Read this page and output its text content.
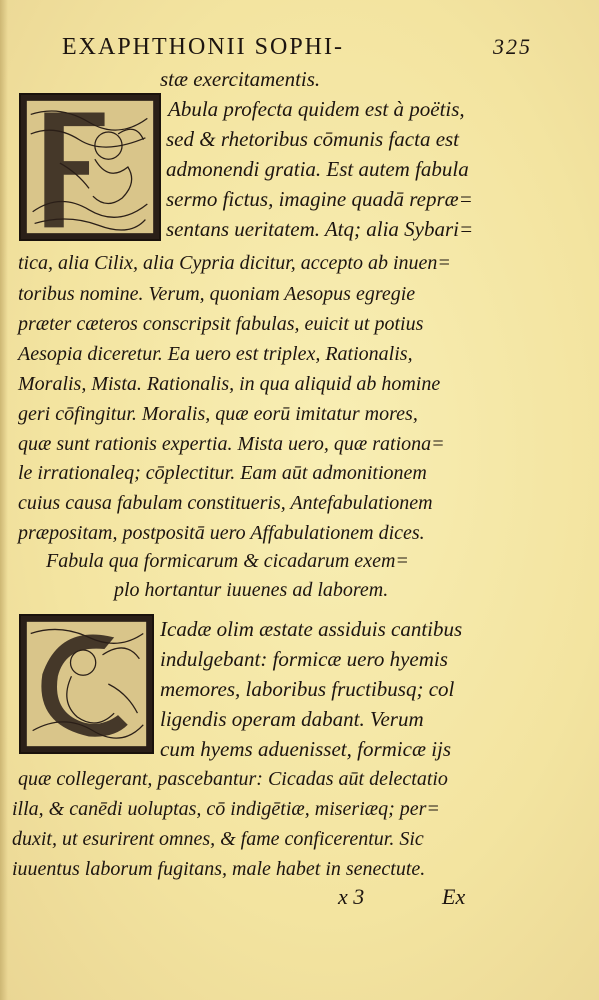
EXAPHTHONII SOPHI-	325
stæ exercitamentis.
Abula profecta quidem est à poëtis,
sed & rhetoribus cōmunis facta est
admonendi gratia. Est autem fabula
sermo fictus, imagine quadā repræ=
sentans ueritatem. Atq; alia Sybari=
tica, alia Cilix, alia Cypria dicitur, accepto ab inuen=
toribus nomine. Verum, quoniam Aesopus egregie
præter cæteros conscripsit fabulas, euicit ut potius
Aesopia diceretur. Ea uero est triplex, Rationalis,
Moralis, Mista. Rationalis, in qua aliquid ab homine
geri cōfingitur. Moralis, quæ eorū imitatur mores,
quæ sunt rationis expertia. Mista uero, quæ rationa=
le irrationaleq; cōplectitur. Eam aūt admonitionem
cuius causa fabulam constitueris, Antefabulationem
præpositam, postpositā uero Affabulationem dices.
Fabula qua formicarum & cicadarum exem=
plo hortantur iuuenes ad laborem.
Icadæ olim æstate assiduis cantibus
indulgebant: formicæ uero hyemis
memores, laboribus fructibusq; col
ligendis operam dabant. Verum
cum hyems aduenisset, formicæ ijs
quæ collegerant, pascebantur: Cicadas aūt delectatio
illa, & canēdi uoluptas, cō indigētiæ, miseriæq; per=
duxit, ut esurirent omnes, & fame conficerentur. Sic
iuuentus laborum fugitans, male habet in senectute.
x 3	Ex
